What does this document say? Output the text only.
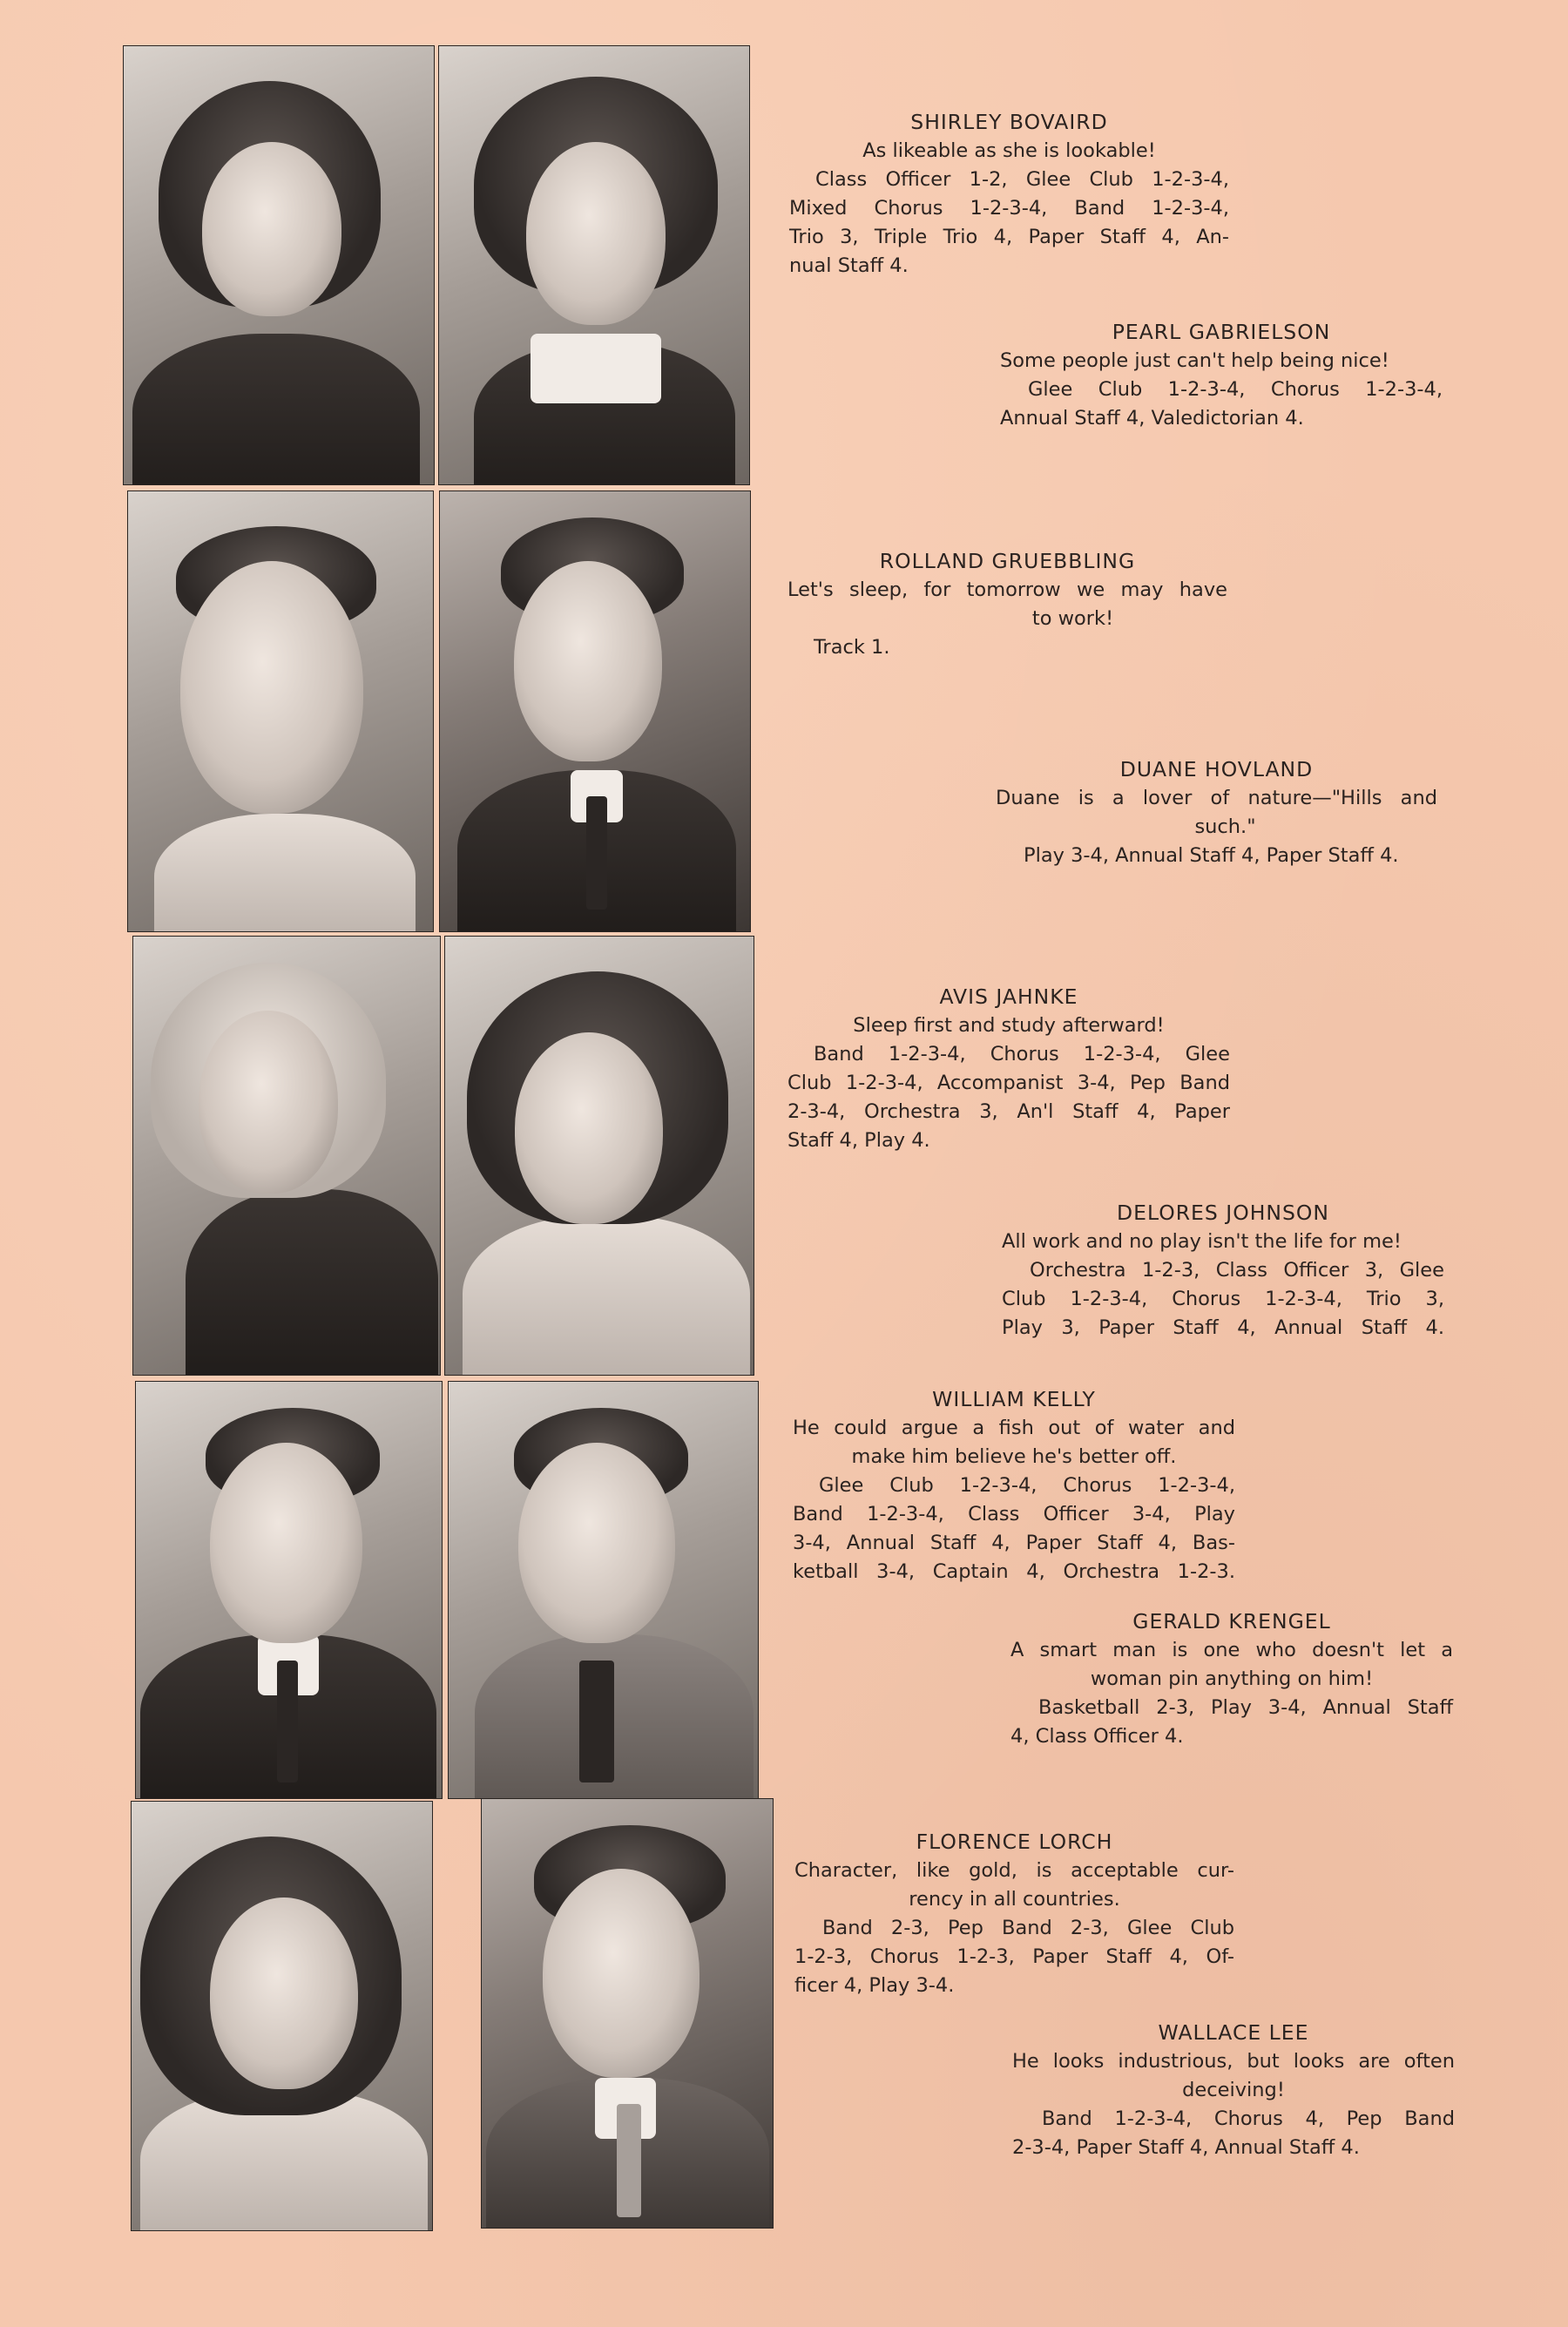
SHIRLEY BOVAIRD
As likeable as she is lookable!
Class Officer 1-2, Glee Club 1-2-3-4,
Mixed Chorus 1-2-3-4, Band 1-2-3-4,
Trio 3, Triple Trio 4, Paper Staff 4, An-
nual Staff 4.
PEARL GABRIELSON
Some people just can't help being nice!
Glee Club 1-2-3-4, Chorus 1-2-3-4,
Annual Staff 4, Valedictorian 4.
ROLLAND GRUEBBLING
Let's sleep, for tomorrow we may have
to work!
Track 1.
DUANE HOVLAND
Duane is a lover of nature—"Hills and
such."
Play 3-4, Annual Staff 4, Paper Staff 4.
AVIS JAHNKE
Sleep first and study afterward!
Band 1-2-3-4, Chorus 1-2-3-4, Glee
Club 1-2-3-4, Accompanist 3-4, Pep Band
2-3-4, Orchestra 3, An'l Staff 4, Paper
Staff 4, Play 4.
DELORES JOHNSON
All work and no play isn't the life for me!
Orchestra 1-2-3, Class Officer 3, Glee
Club 1-2-3-4, Chorus 1-2-3-4, Trio 3,
Play 3, Paper Staff 4, Annual Staff 4.
WILLIAM KELLY
He could argue a fish out of water and
make him believe he's better off.
Glee Club 1-2-3-4, Chorus 1-2-3-4,
Band 1-2-3-4, Class Officer 3-4, Play
3-4, Annual Staff 4, Paper Staff 4, Bas-
ketball 3-4, Captain 4, Orchestra 1-2-3.
GERALD KRENGEL
A smart man is one who doesn't let a
woman pin anything on him!
Basketball 2-3, Play 3-4, Annual Staff
4, Class Officer 4.
FLORENCE LORCH
Character, like gold, is acceptable cur-
rency in all countries.
Band 2-3, Pep Band 2-3, Glee Club
1-2-3, Chorus 1-2-3, Paper Staff 4, Of-
ficer 4, Play 3-4.
WALLACE LEE
He looks industrious, but looks are often
deceiving!
Band 1-2-3-4, Chorus 4, Pep Band
2-3-4, Paper Staff 4, Annual Staff 4.
